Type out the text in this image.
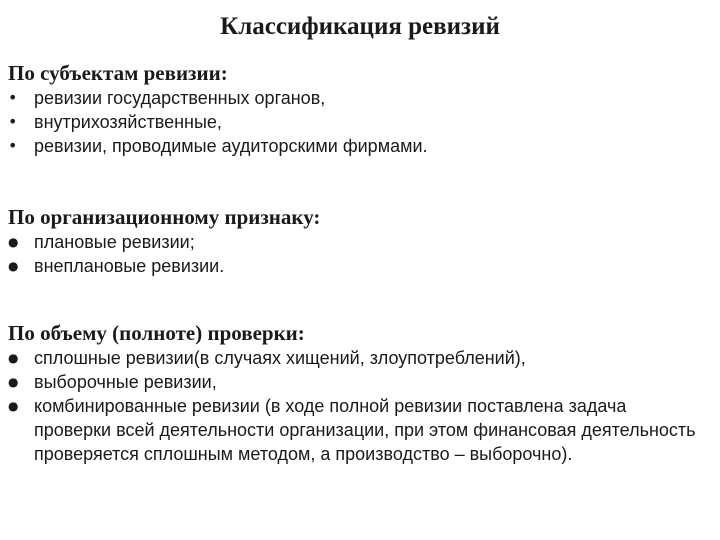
Классификация ревизий

По субъектам ревизии:

• ревизии государственных органов,
• внутрихозяйственные,
• ревизии, проводимые аудиторскими фирмами.

По организационному признаку:

● плановые ревизии;
● внеплановые ревизии.

По объему (полноте) проверки:

● сплошные ревизии(в случаях хищений, злоупотреблений),
● выборочные ревизии,
● комбинированные ревизии (в ходе полной ревизии поставлена задача проверки всей деятельности организации, при этом финансовая деятельность проверяется сплошным методом, а производство – выборочно).
